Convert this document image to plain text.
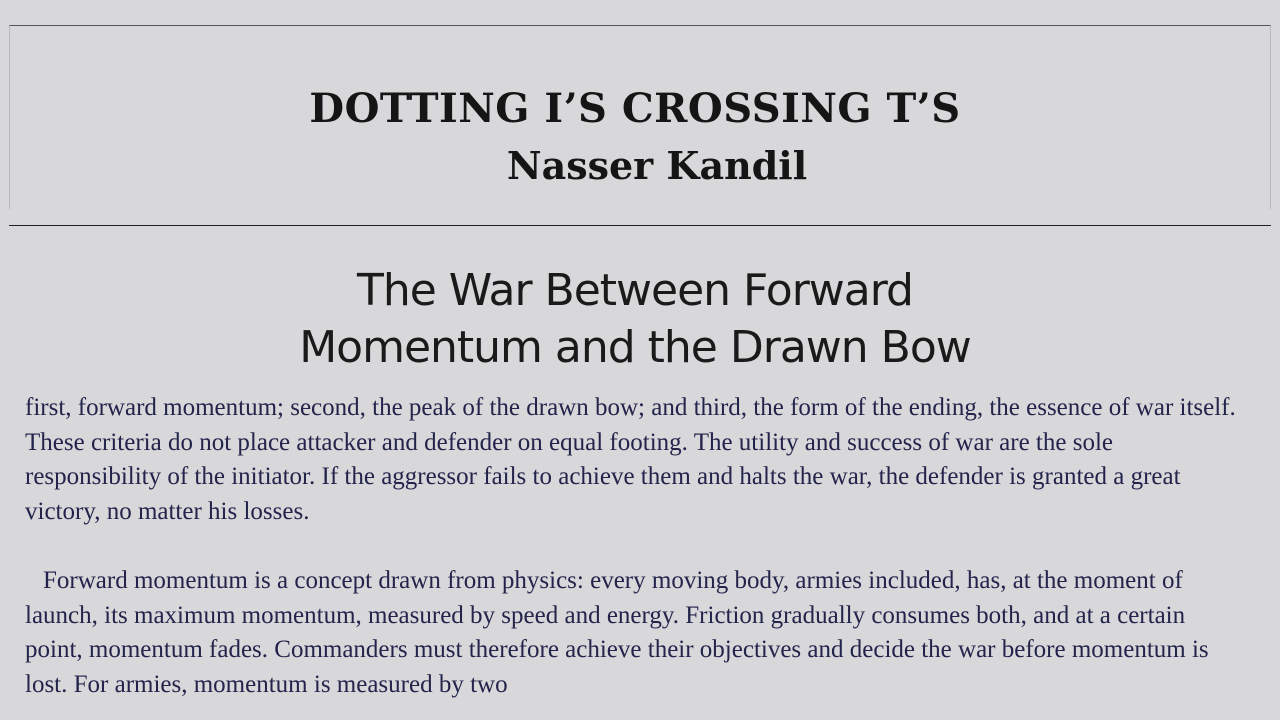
DOTTING I’S CROSSING T’S
Nasser Kandil
The War Between Forward
Momentum and the Drawn Bow

first, forward momentum; second, the peak of the drawn bow; and third, the form of the ending, the essence of war itself. These criteria do not place attacker and defender on equal footing. The utility and success of war are the sole responsibility of the initiator. If the aggressor fails to achieve them and halts the war, the defender is granted a great victory, no matter his losses.

Forward momentum is a concept drawn from physics: every moving body, armies included, has, at the moment of launch, its maximum momentum, measured by speed and energy. Friction gradually consumes both, and at a certain point, momentum fades. Commanders must therefore achieve their objectives and decide the war before momentum is lost. For armies, momentum is measured by two
